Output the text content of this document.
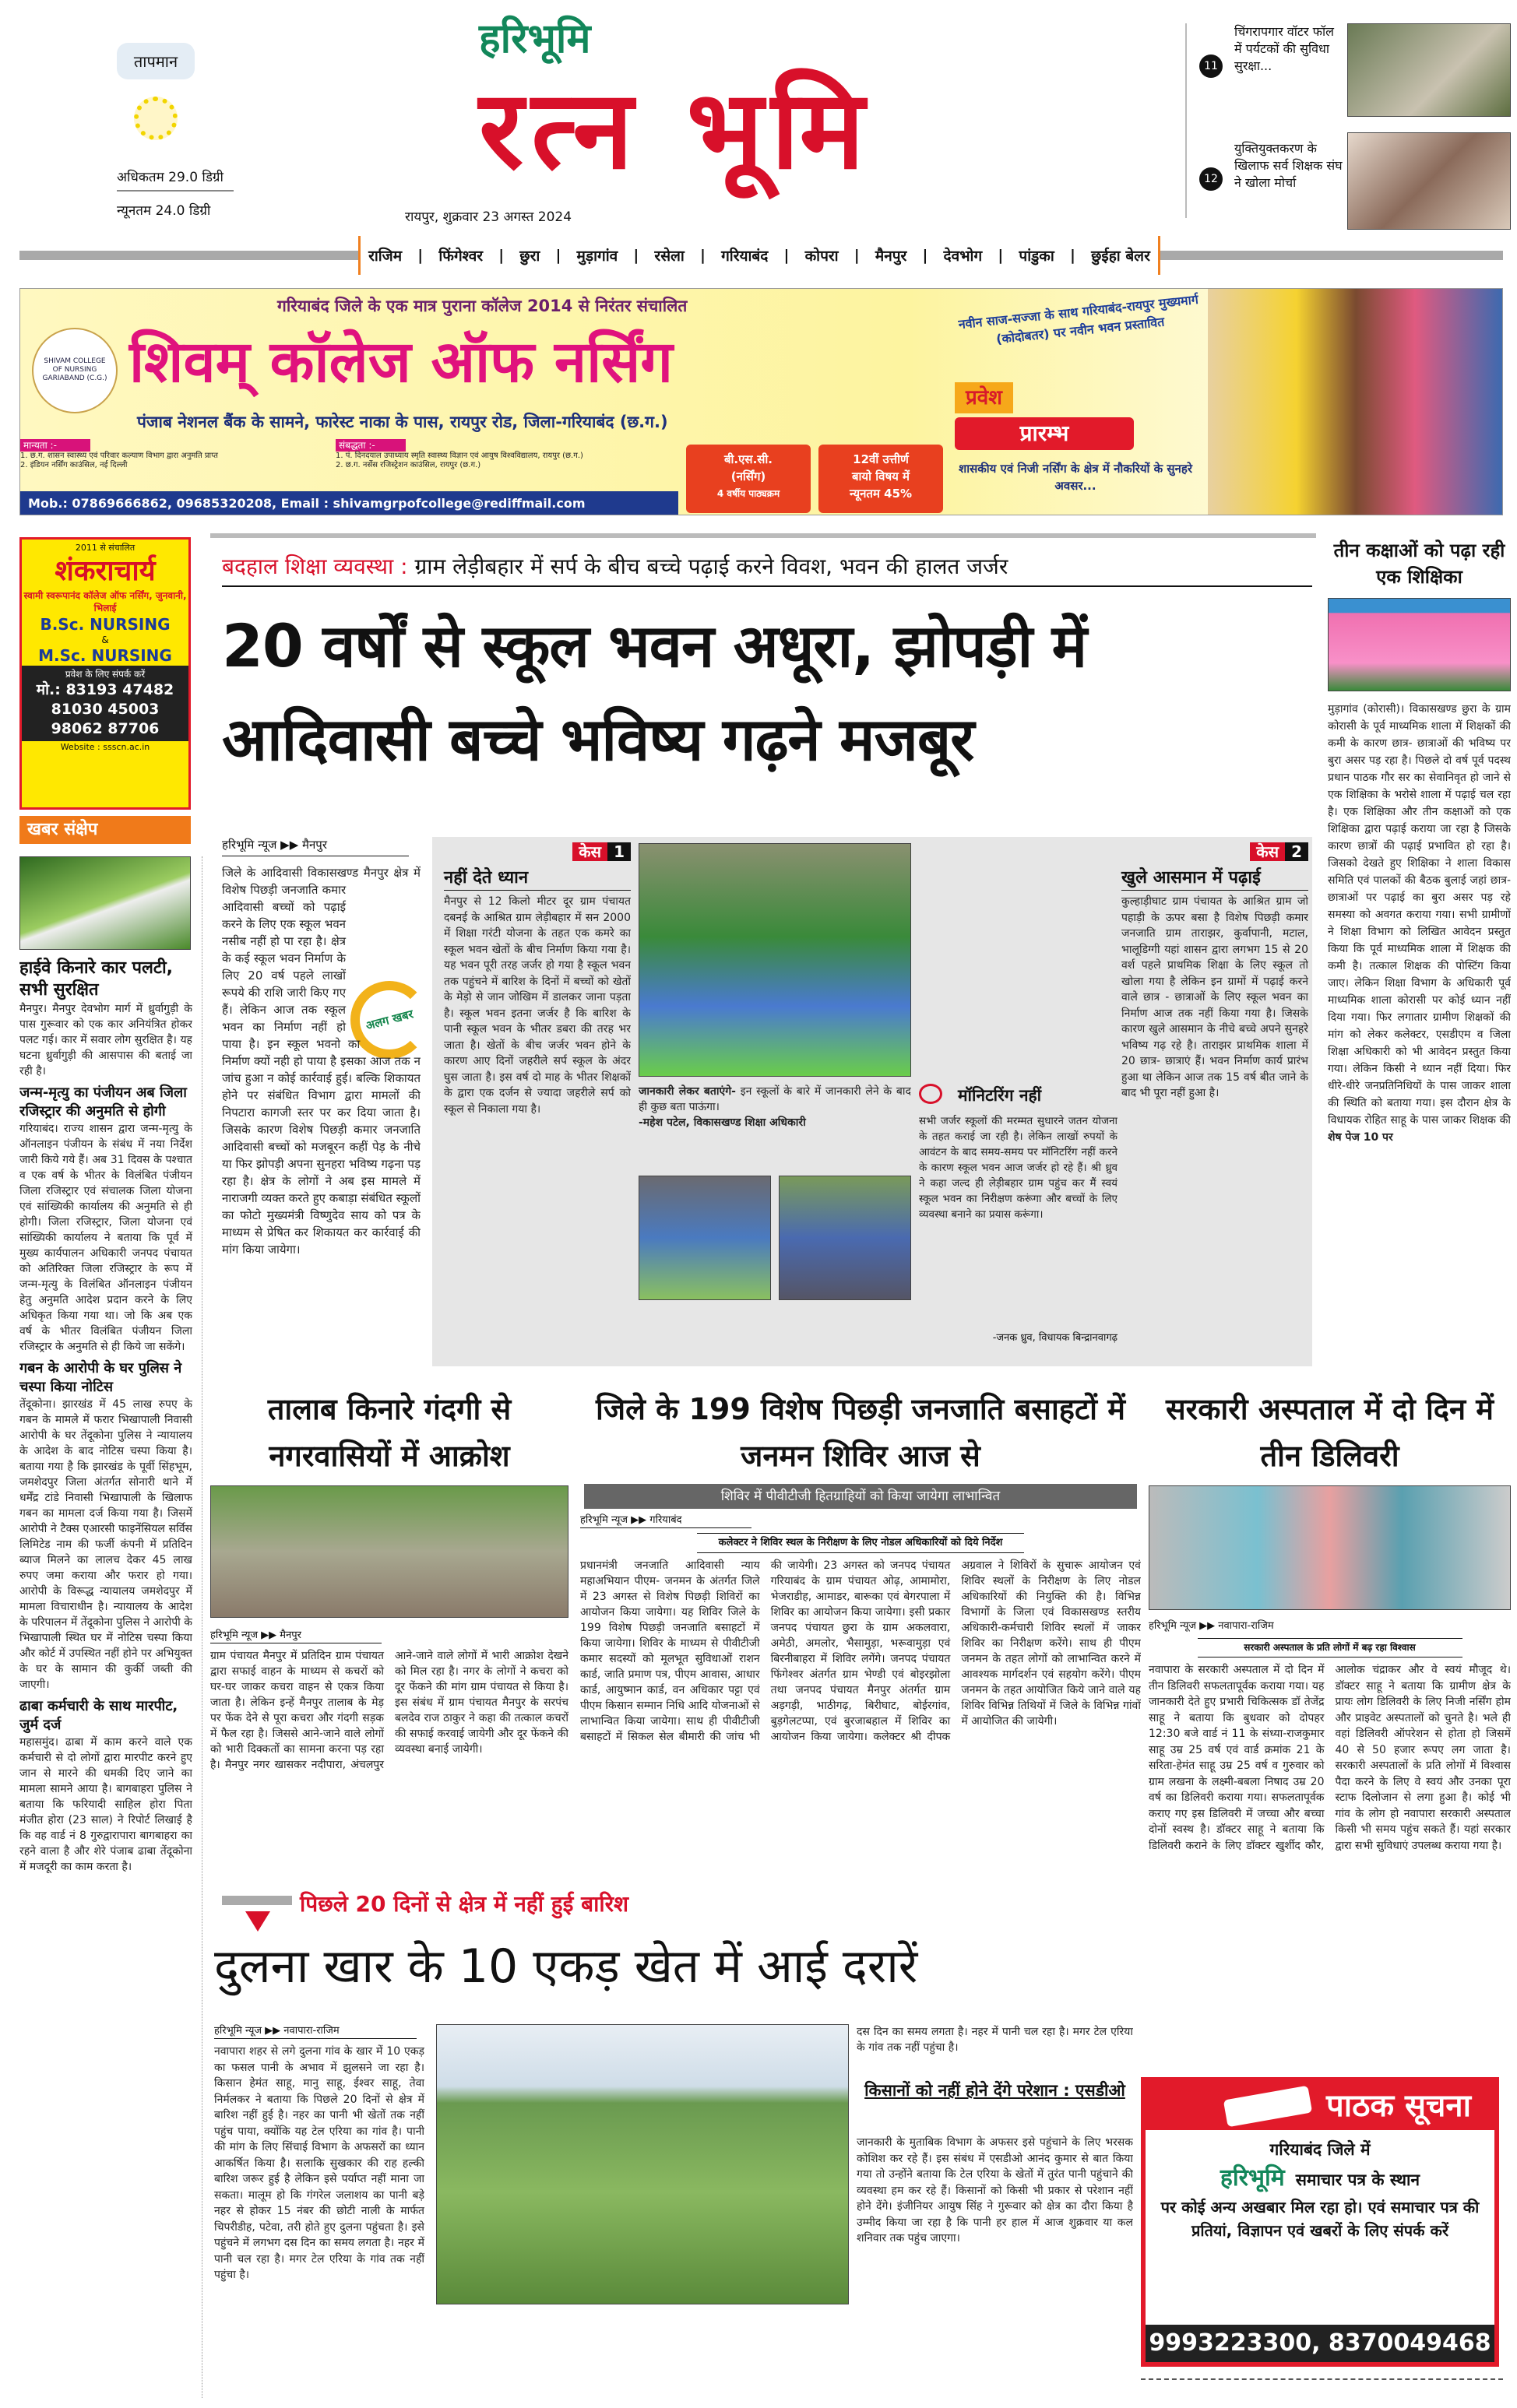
तापमान
अधिकतम 29.0 डिग्री
न्यूनतम 24.0 डिग्री
हरिभूमि
रत्न भूमि
रायपुर, शुक्रवार 23 अगस्त 2024
11
चिंगरापगार वॉटर फॉल में पर्यटकों की सुविधा सुरक्षा...
12
युक्तियुक्तकरण के खिलाफ सर्व शिक्षक संघ ने खोला मोर्चा
राजिम | फिंगेश्वर | छुरा | मुड़ागांव | रसेला | गरियाबंद | कोपरा | मैनपुर | देवभोग | पांडुका | छुईहा बेलर
SHIVAM COLLEGE OF NURSING GARIABAND (C.G.)
गरियाबंद जिले के एक मात्र पुराना कॉलेज 2014 से निरंतर संचालित
शिवम् कॉलेज ऑफ नर्सिंग
पंजाब नेशनल बैंक के सामने, फारेस्ट नाका के पास, रायपुर रोड, जिला-गरियाबंद (छ.ग.)
मान्यता :-
1. छ.ग. शासन स्वास्थ्य एवं परिवार कल्याण विभाग द्वारा अनुमति प्राप्त
2. इंडियन नर्सिंग काउंसिल, नई दिल्ली
संबद्धता :-
1. पं. दिनदयाल उपाध्याय स्मृति स्वास्थ्य विज्ञान एवं आयुष विश्वविद्यालय, रायपुर (छ.ग.)
2. छ.ग. नर्सेस रजिस्ट्रेशन काउंसिल, रायपुर (छ.ग.)
Mob.: 07869666862, 09685320208, Email : shivamgrpofcollege@rediffmail.com
बी.एस.सी.
(नर्सिंग)
4 वर्षीय पाठ्यक्रम
12वीं उत्तीर्ण
बायो विषय में
न्यूनतम 45%
नवीन साज-सज्जा के साथ गरियाबंद-रायपुर मुख्यमार्ग (कोदोबतर) पर नवीन भवन प्रस्तावित
प्रवेश
प्रारम्भ
शासकीय एवं निजी नर्सिंग के क्षेत्र में नौकरियों के सुनहरे अवसर...
2011 से संचालित
शंकराचार्य
स्वामी स्वरूपानंद कॉलेज ऑफ नर्सिंग, जुनवानी, भिलाई
B.Sc. NURSING
&
M.Sc. NURSING
प्रवेश के लिए संपर्क करें
मो.: 83193 47482
81030 45003
98062 87706
Website : ssscn.ac.in
खबर संक्षेप
हाईवे किनारे कार पलटी, सभी सुरक्षित
मैनपुर। मैनपुर देवभोग मार्ग में ध्रुर्वागुड़ी के पास गुरूवार को एक कार अनियंत्रित होकर पलट गई। कार में सवार लोग सुरक्षित है। यह घटना ध्रुर्वागुड़ी की आसपास की बताई जा रही है।
जन्म-मृत्यु का पंजीयन अब जिला रजिस्ट्रार की अनुमति से होगी
गरियाबंद। राज्य शासन द्वारा जन्म-मृत्यु के ऑनलाइन पंजीयन के संबंध में नया निर्देश जारी किये गये हैं। अब 31 दिवस के पश्चात व एक वर्ष के भीतर के विलंबित पंजीयन जिला रजिस्ट्रार एवं संचालक जिला योजना एवं सांख्यिकी कार्यालय की अनुमति से ही होगी। जिला रजिस्ट्रार, जिला योजना एवं सांख्यिकी कार्यालय ने बताया कि पूर्व में मुख्य कार्यपालन अधिकारी जनपद पंचायत को अतिरिक्त जिला रजिस्ट्रार के रूप में जन्म-मृत्यु के विलंबित ऑनलाइन पंजीयन हेतु अनुमति आदेश प्रदान करने के लिए अधिकृत किया गया था। जो कि अब एक वर्ष के भीतर विलंबित पंजीयन जिला रजिस्ट्रार के अनुमति से ही किये जा सकेंगे।
गबन के आरोपी के घर पुलिस ने चस्पा किया नोटिस
तेंदूकोना। झारखंड में 45 लाख रुपए के गबन के मामले में फरार भिखापाली निवासी आरोपी के घर तेंदूकोना पुलिस ने न्यायालय के आदेश के बाद नोटिस चस्पा किया है। बताया गया है कि झारखंड के पूर्वी सिंहभूम, जमशेदपुर जिला अंतर्गत सोनारी थाने में धर्मेंद्र टांडे निवासी भिखापाली के खिलाफ गबन का मामला दर्ज किया गया है। जिसमें आरोपी ने टैक्स एआरसी फाइनेंसियल सर्विस लिमिटेड नाम की फर्जी कंपनी में प्रतिदिन ब्याज मिलने का लालच देकर 45 लाख रुपए जमा कराया और फरार हो गया। आरोपी के विरूद्ध न्यायालय जमशेदपुर में मामला विचाराधीन है। न्यायालय के आदेश के परिपालन में तेंदूकोना पुलिस ने आरोपी के भिखापाली स्थित घर में नोटिस चस्पा किया और कोर्ट में उपस्थित नहीं होने पर अभियुक्त के घर के सामान की कुर्की जब्ती की जाएगी।
ढाबा कर्मचारी के साथ मारपीट, जुर्म दर्ज
महासमुंद। ढाबा में काम करने वाले एक कर्मचारी से दो लोगों द्वारा मारपीट करने हुए जान से मारने की धमकी दिए जाने का मामला सामने आया है। बागबाहरा पुलिस ने बताया कि फरियादी साहिल होरा पिता मंजीत होरा (23 साल) ने रिपोर्ट लिखाई है कि वह वार्ड नं 8 गुरुद्वारापारा बागबाहरा का रहने वाला है और शेरे पंजाब ढाबा तेंदूकोना में मजदूरी का काम करता है।
बदहाल शिक्षा व्यवस्था : ग्राम लेड़ीबहार में सर्प के बीच बच्चे पढ़ाई करने विवश, भवन की हालत जर्जर
20 वर्षों से स्कूल भवन अधूरा, झोपड़ी में आदिवासी बच्चे भविष्य गढ़ने मजबूर
हरिभूमि न्यूज ▶▶ मैनपुर
अलग खबर
जिले के आदिवासी विकासखण्ड मैनपुर क्षेत्र में विशेष पिछड़ी जनजाति कमार आदिवासी बच्चों को पढ़ाई करने के लिए एक स्कूल भवन नसीब नहीं हो पा रहा है। क्षेत्र के कई स्कूल भवन निर्माण के लिए 20 वर्ष पहले लाखों रूपये की राशि जारी किए गए हैं। लेकिन आज तक स्कूल भवन का निर्माण नहीं हो पाया है। इन स्कूल भवनो का निर्माण क्यों नही हो पाया है इसका आज तक न जांच हुआ न कोई कार्रवाई हुई। बल्कि शिकायत होने पर संबंधित विभाग द्वारा मामलों की निपटारा कागजी स्तर पर कर दिया जाता है। जिसके कारण विशेष पिछड़ी कमार जनजाति आदिवासी बच्चों को मजबूरन कहीं पेड़ के नीचे या फिर झोपड़ी अपना सुनहरा भविष्य गढ़ना पड़ रहा है। क्षेत्र के लोगों ने अब इस मामले में नाराजगी व्यक्त करते हुए कबाड़ा संबंधित स्कूलों का फोटो मुख्यमंत्री विष्णुदेव साय को पत्र के माध्यम से प्रेषित कर शिकायत कर कार्रवाई की मांग किया जायेगा।
केस 1
नहीं देते ध्यान
मैनपुर से 12 किलो मीटर दूर ग्राम पंचायत दबनई के आश्रित ग्राम लेड़ीबहार में सन 2000 में शिक्षा गरंटी योजना के तहत एक कमरे का स्कूल भवन खेतों के बीच निर्माण किया गया है। यह भवन पूरी तरह जर्जर हो गया है स्कूल भवन तक पहुंचने में बारिश के दिनों में बच्चों को खेतों के मेड़ो से जान जोखिम में डालकर जाना पड़ता है। स्कूल भवन इतना जर्जर है कि बारिश के पानी स्कूल भवन के भीतर डबरा की तरह भर जाता है। खेतों के बीच जर्जर भवन होने के कारण आए दिनों जहरीले सर्प स्कूल के अंदर घुस जाता है। इस वर्ष दो माह के भीतर शिक्षकों के द्वारा एक दर्जन से ज्यादा जहरीले सर्प को स्कूल से निकाला गया है।
जानकारी लेकर बताएंगे- इन स्कूलों के बारे में जानकारी लेने के बाद ही कुछ बता पाऊंगा।
-महेश पटेल, विकासखण्ड शिक्षा अधिकारी
मॉनिटरिंग नहीं
सभी जर्जर स्कूलों की मरम्मत सुधारने जतन योजना के तहत कराई जा रही है। लेकिन लाखों रुपयों के आवंटन के बाद समय-समय पर मॉनिटरिंग नहीं करने के कारण स्कूल भवन आज जर्जर हो रहे हैं। श्री ध्रुव ने कहा जल्द ही लेड़ीबहार ग्राम पहुंच कर मैं स्वयं स्कूल भवन का निरीक्षण करूंगा और बच्चों के लिए व्यवस्था बनाने का प्रयास करूंगा।
-जनक ध्रुव, विधायक बिन्द्रानवागढ़
केस 2
खुले आसमान में पढ़ाई
कुल्हाड़ीघाट ग्राम पंचायत के आश्रित ग्राम जो पहाड़ी के ऊपर बसा है विशेष पिछड़ी कमार जनजाति ग्राम ताराझर, कुर्वापानी, मटाल, भालूडिग्गी यहां शासन द्वारा लगभग 15 से 20 वर्श पहले प्राथमिक शिक्षा के लिए स्कूल तो खोला गया है लेकिन इन ग्रामों में पढ़ाई करने वाले छात्र - छात्राओं के लिए स्कूल भवन का निर्माण आज तक नहीं किया गया है। जिसके कारण खुले आसमान के नीचे बच्चे अपने सुनहरे भविष्य गढ़ रहे है। ताराझर प्राथमिक शाला में 20 छात्र- छात्राएं हैं। भवन निर्माण कार्य प्रारंभ हुआ था लेकिन आज तक 15 वर्ष बीत जाने के बाद भी पूरा नहीं हुआ है।
तीन कक्षाओं को पढ़ा रही एक शिक्षिका
मुड़ागांव (कोरासी)। विकासखण्ड छुरा के ग्राम कोरासी के पूर्व माध्यमिक शाला में शिक्षकों की कमी के कारण छात्र- छात्राओं की भविष्य पर बुरा असर पड़ रहा है। पिछले दो वर्ष पूर्व पदस्थ प्रधान पाठक गौर सर का सेवानिवृत हो जाने से एक शिक्षिका के भरोसे शाला में पढ़ाई चल रहा है। एक शिक्षिका और तीन कक्षाओं को एक शिक्षिका द्वारा पढ़ाई कराया जा रहा है जिसके कारण छात्रों की पढ़ाई प्रभावित हो रहा है। जिसको देखते हुए शिक्षिका ने शाला विकास समिति एवं पालकों की बैठक बुलाई जहां छात्र- छात्राओं पर पढ़ाई का बुरा असर पड़ रहे समस्या को अवगत कराया गया। सभी ग्रामीणों ने शिक्षा विभाग को लिखित आवेदन प्रस्तुत किया कि पूर्व माध्यमिक शाला में शिक्षक की कमी है। तत्काल शिक्षक की पोस्टिंग किया जाए। लेकिन शिक्षा विभाग के अधिकारी पूर्व माध्यमिक शाला कोरासी पर कोई ध्यान नहीं दिया गया। फिर लगातार ग्रामीण शिक्षकों की मांग को लेकर कलेक्टर, एसडीएम व जिला शिक्षा अधिकारी को भी आवेदन प्रस्तुत किया गया। लेकिन किसी ने ध्यान नहीं दिया। फिर धीरे-धीरे जनप्रतिनिधियों के पास जाकर शाला की स्थिति को बताया गया। इस दौरान क्षेत्र के विधायक रोहित साहू के पास जाकर शिक्षक की शेष पेज 10 पर
तालाब किनारे गंदगी से नगरवासियों में आक्रोश
हरिभूमि न्यूज ▶▶ मैनपुर
ग्राम पंचायत मैनपुर में प्रतिदिन ग्राम पंचायत द्वारा सफाई वाहन के माध्यम से कचरों को घर-घर जाकर कचरा वाहन से एकत्र किया जाता है। लेकिन इन्हें मैनपुर तालाब के मेड़ पर फेंक देने से पूरा कचरा और गंदगी सड़क में फैल रहा है। जिससे आने-जाने वाले लोगों को भारी दिक्कतों का सामना करना पड़ रहा है। मैनपुर नगर खासकर नदीपारा, अंचलपुर आने-जाने वाले लोगों में भारी आक्रोश देखने को मिल रहा है। नगर के लोगों ने कचरा को दूर फेंकने की मांग ग्राम पंचायत से किया है। इस संबंध में ग्राम पंचायत मैनपुर के सरपंच बलदेव राज ठाकुर ने कहा की तत्काल कचरों की सफाई करवाई जायेगी और दूर फेंकने की व्यवस्था बनाई जायेगी।
जिले के 199 विशेष पिछड़ी जनजाति बसाहटों में जनमन शिविर आज से
शिविर में पीवीटीजी हितग्राहियों को किया जायेगा लाभान्वित
हरिभूमि न्यूज ▶▶ गरियाबंद
कलेक्टर ने शिविर स्थल के निरीक्षण के लिए नोडल अधिकारियों को दिये निर्देश
प्रधानमंत्री जनजाति आदिवासी न्याय महाअभियान पीएम- जनमन के अंतर्गत जिले में 23 अगस्त से विशेष पिछड़ी शिविरों का आयोजन किया जायेगा। यह शिविर जिले के 199 विशेष पिछड़ी जनजाति बसाहटों में किया जायेगा। शिविर के माध्यम से पीवीटीजी कमार सदस्यों को मूलभूत सुविधाओं राशन कार्ड, जाति प्रमाण पत्र, पीएम आवास, आधार कार्ड, आयुष्मान कार्ड, वन अधिकार पट्टा एवं पीएम किसान सम्मान निधि आदि योजनाओं से लाभान्वित किया जायेगा। साथ ही पीवीटीजी बसाहटों में सिकल सेल बीमारी की जांच भी की जायेगी। 23 अगस्त को जनपद पंचायत गरियाबंद के ग्राम पंचायत ओढ़, आमामोरा, भेजराडीह, आमाडर, बारूका एवं बेगरपाला में शिविर का आयोजन किया जायेगा। इसी प्रकार जनपद पंचायत छुरा के ग्राम अकलवारा, अमेठी, अमलोर, भैसामुड़ा, भरूवामुड़ा एवं बिरनीबाहरा में शिविर लगेंगे। जनपद पंचायत फिंगेश्वर अंतर्गत ग्राम भेण्डी एवं बोइरझोला तथा जनपद पंचायत मैनपुर अंतर्गत ग्राम अड़गड़ी, भाठीगढ़, बिरीघाट, बोईरगांव, बुड़गेलटप्पा, एवं बुरजाबहाल में शिविर का आयोजन किया जायेगा। कलेक्टर श्री दीपक अग्रवाल ने शिविरों के सुचारू आयोजन एवं शिविर स्थलों के निरीक्षण के लिए नोडल अधिकारियों की नियुक्ति की है। विभिन्न विभागों के जिला एवं विकासखण्ड स्तरीय अधिकारी-कर्मचारी शिविर स्थलों में जाकर शिविर का निरीक्षण करेंगे। साथ ही पीएम जनमन के तहत लोगों को लाभान्वित करने में आवश्यक मार्गदर्शन एवं सहयोग करेंगे। पीएम जनमन के तहत आयोजित किये जाने वाले यह शिविर विभिन्न तिथियों में जिले के विभिन्न गांवों में आयोजित की जायेगी।
सरकारी अस्पताल में दो दिन में तीन डिलिवरी
हरिभूमि न्यूज ▶▶ नवापारा-राजिम
सरकारी अस्पताल के प्रति लोगों में बढ़ रहा विश्वास
नवापारा के सरकारी अस्पताल में दो दिन में तीन डिलिवरी सफलतापूर्वक कराया गया। यह जानकारी देते हुए प्रभारी चिकित्सक डॉ तेजेंद्र साहू ने बताया कि बुधवार को दोपहर 12:30 बजे वार्ड नं 11 के संध्या-राजकुमार साहू उम्र 25 वर्ष एवं वार्ड क्रमांक 21 के सरिता-हेमंत साहू उम्र 25 वर्ष व गुरुवार को ग्राम लखना के लक्ष्मी-बबला निषाद उम्र 20 वर्ष का डिलिवरी कराया गया। सफलतापूर्वक कराए गए इस डिलिवरी में जच्चा और बच्चा दोनों स्वस्थ है। डॉक्टर साहू ने बताया कि डिलिवरी कराने के लिए डॉक्टर खुर्शीद कौर, आलोक चंद्राकर और वे स्वयं मौजूद थे। डॉक्टर साहू ने बताया कि ग्रामीण क्षेत्र के प्रायः लोग डिलिवरी के लिए निजी नर्सिंग होम और प्राइवेट अस्पतालों को चुनते है। भले ही वहां डिलिवरी ऑपरेशन से होता हो जिसमें 40 से 50 हजार रूपए लग जाता है। सरकारी अस्पतालों के प्रति लोगों में विश्वास पैदा करने के लिए वे स्वयं और उनका पूरा स्टाफ दिलोजान से लगा हुआ है। कोई भी गांव के लोग हो नवापारा सरकारी अस्पताल किसी भी समय पहुंच सकते हैं। यहां सरकार द्वारा सभी सुविधाएं उपलब्ध कराया गया है।
पिछले 20 दिनों से क्षेत्र में नहीं हुई बारिश
दुलना खार के 10 एकड़ खेत में आई दरारें
हरिभूमि न्यूज ▶▶ नवापारा-राजिम
नवापारा शहर से लगे दुलना गांव के खार में 10 एकड़ का फसल पानी के अभाव में झुलसने जा रहा है। किसान हेमंत साहू, मानु साहू, ईश्वर साहू, तेवा निर्मलकर ने बताया कि पिछले 20 दिनों से क्षेत्र में बारिश नहीं हुई है। नहर का पानी भी खेतों तक नहीं पहुंच पाया, क्योंकि यह टेल एरिया का गांव है। पानी की मांग के लिए सिंचाई विभाग के अफसरों का ध्यान आकर्षित किया है। सलाकि सुखकार की राह हल्की बारिश जरूर हुई है लेकिन इसे पर्याप्त नहीं माना जा सकता। मालूम हो कि गंगरेल जलाशय का पानी बड़े नहर से होकर 15 नंबर की छोटी नाली के मार्फत चिपरीडीह, पटेवा, तरी होते हुए दुलना पहुंचता है। इसे पहुंचने में लगभग दस दिन का समय लगता है। नहर में पानी चल रहा है। मगर टेल एरिया के गांव तक नहीं पहुंचा है।
दस दिन का समय लगता है। नहर में पानी चल रहा है। मगर टेल एरिया के गांव तक नहीं पहुंचा है।
किसानों को नहीं होने देंगे परेशान : एसडीओ
जानकारी के मुताबिक विभाग के अफसर इसे पहुंचाने के लिए भरसक कोशिश कर रहे हैं। इस संबंध में एसडीओ आनंद कुमार से बात किया गया तो उन्होंने बताया कि टेल एरिया के खेतों में तुरंत पानी पहुंचाने की व्यवस्था हम कर रहे हैं। किसानों को किसी भी प्रकार से परेशान नहीं होने देंगे। इंजीनियर आयुष सिंह ने गुरूवार को क्षेत्र का दौरा किया है उम्मीद किया जा रहा है कि पानी हर हाल में आज शुक्रवार या कल शनिवार तक पहुंच जाएगा।
पाठक सूचना
गरियाबंद जिले में
हरिभूमि समाचार पत्र के स्थान
पर कोई अन्य अखबार मिल रहा हो। एवं समाचार पत्र की प्रतियां, विज्ञापन एवं खबरों के लिए संपर्क करें
9993223300, 8370049468
